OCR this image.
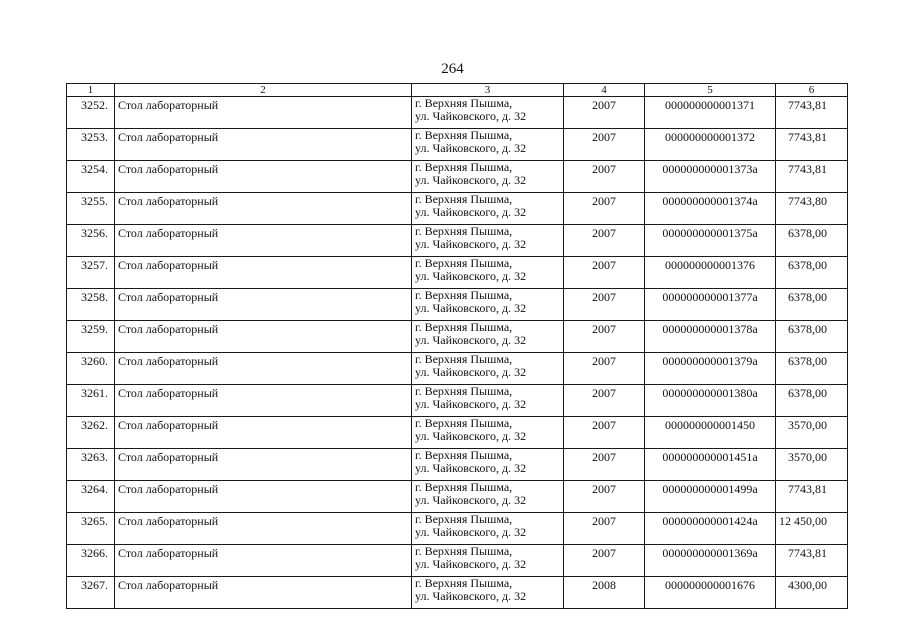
264
1	2	3	4	5	6
3252.	Стол лабораторный	г. Верхняя Пышма,
ул. Чайковского, д. 32	2007	000000000001371	7743,81
3253.	Стол лабораторный	г. Верхняя Пышма,
ул. Чайковского, д. 32	2007	000000000001372	7743,81
3254.	Стол лабораторный	г. Верхняя Пышма,
ул. Чайковского, д. 32	2007	000000000001373а	7743,81
3255.	Стол лабораторный	г. Верхняя Пышма,
ул. Чайковского, д. 32	2007	000000000001374а	7743,80
3256.	Стол лабораторный	г. Верхняя Пышма,
ул. Чайковского, д. 32	2007	000000000001375а	6378,00
3257.	Стол лабораторный	г. Верхняя Пышма,
ул. Чайковского, д. 32	2007	000000000001376	6378,00
3258.	Стол лабораторный	г. Верхняя Пышма,
ул. Чайковского, д. 32	2007	000000000001377а	6378,00
3259.	Стол лабораторный	г. Верхняя Пышма,
ул. Чайковского, д. 32	2007	000000000001378а	6378,00
3260.	Стол лабораторный	г. Верхняя Пышма,
ул. Чайковского, д. 32	2007	000000000001379а	6378,00
3261.	Стол лабораторный	г. Верхняя Пышма,
ул. Чайковского, д. 32	2007	000000000001380а	6378,00
3262.	Стол лабораторный	г. Верхняя Пышма,
ул. Чайковского, д. 32	2007	000000000001450	3570,00
3263.	Стол лабораторный	г. Верхняя Пышма,
ул. Чайковского, д. 32	2007	000000000001451а	3570,00
3264.	Стол лабораторный	г. Верхняя Пышма,
ул. Чайковского, д. 32	2007	000000000001499а	7743,81
3265.	Стол лабораторный	г. Верхняя Пышма,
ул. Чайковского, д. 32	2007	000000000001424а	12 450,00
3266.	Стол лабораторный	г. Верхняя Пышма,
ул. Чайковского, д. 32	2007	000000000001369а	7743,81
3267.	Стол лабораторный	г. Верхняя Пышма,
ул. Чайковского, д. 32	2008	000000000001676	4300,00
